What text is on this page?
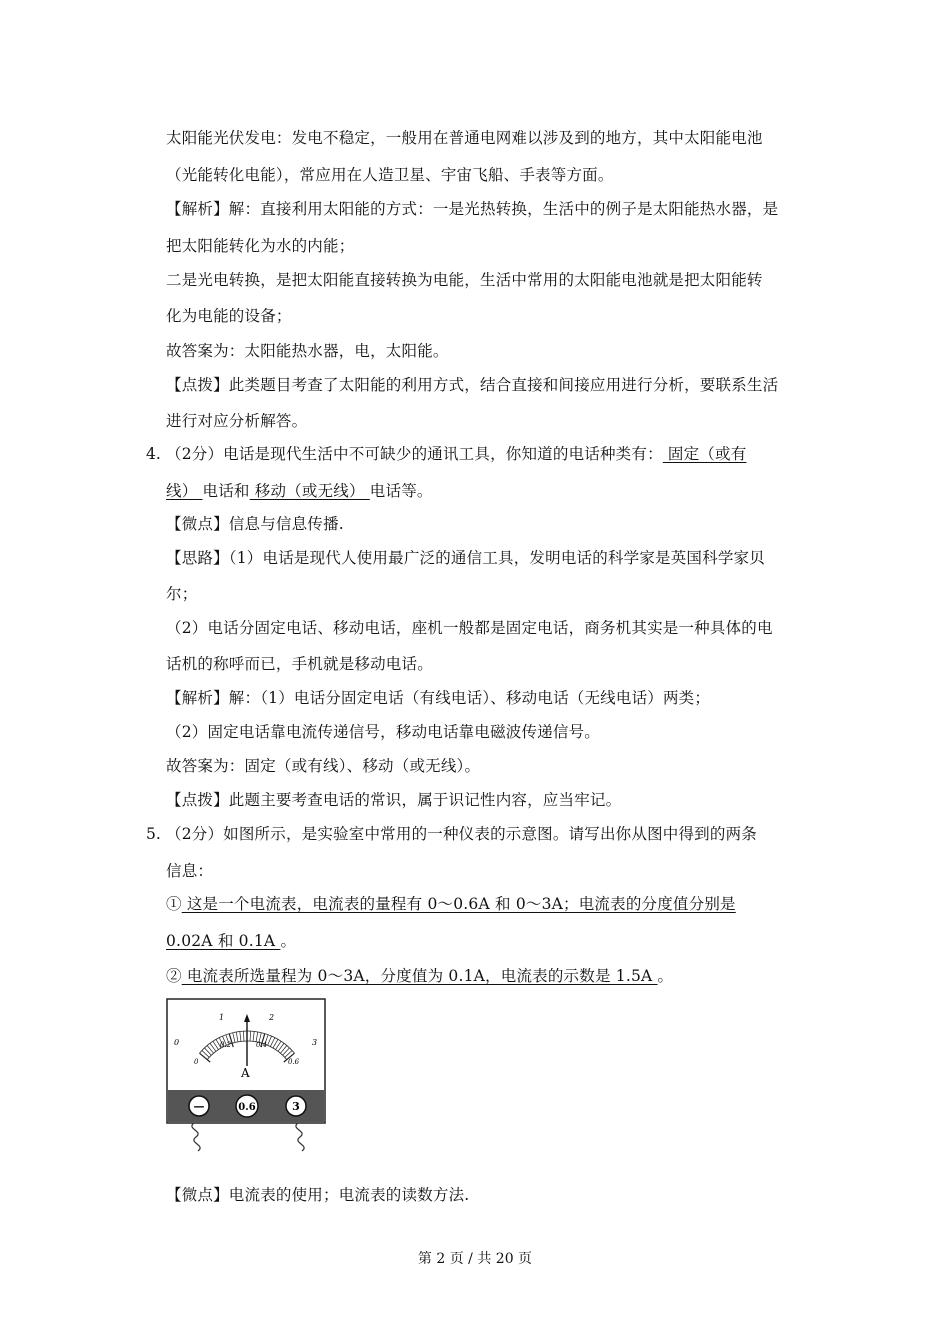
太阳能光伏发电：发电不稳定，一般用在普通电网难以涉及到的地方，其中太阳能电池
（光能转化电能），常应用在人造卫星、宇宙飞船、手表等方面。
【解析】解：直接利用太阳能的方式：一是光热转换，生活中的例子是太阳能热水器，是
把太阳能转化为水的内能；
二是光电转换，是把太阳能直接转换为电能，生活中常用的太阳能电池就是把太阳能转
化为电能的设备；
故答案为：太阳能热水器，电，太阳能。
【点拨】此类题目考查了太阳能的利用方式，结合直接和间接应用进行分析，要联系生活
进行对应分析解答。
4. （2分）电话是现代生活中不可缺少的通讯工具，你知道的电话种类有： 固定（或有
线） 电话和 移动（或无线） 电话等。
【微点】信息与信息传播.
【思路】（1）电话是现代人使用最广泛的通信工具，发明电话的科学家是英国科学家贝
尔；
（2）电话分固定电话、移动电话，座机一般都是固定电话，商务机其实是一种具体的电
话机的称呼而已，手机就是移动电话。
【解析】解：（1）电话分固定电话（有线电话）、移动电话（无线电话）两类；
（2）固定电话靠电流传递信号，移动电话靠电磁波传递信号。
故答案为：固定（或有线）、移动（或无线）。
【点拨】此题主要考查电话的常识，属于识记性内容，应当牢记。
5. （2分）如图所示，是实验室中常用的一种仪表的示意图。请写出你从图中得到的两条
信息：
① 这是一个电流表，电流表的量程有 0～0.6A 和 0～3A；电流表的分度值分别是
0.02A 和 0.1A 。
② 电流表所选量程为 0～3A，分度值为 0.1A，电流表的示数是 1.5A 。
0
1	2
3
0
0.2	0.4
0.6
A
—	0.6	3
【微点】电流表的使用；电流表的读数方法.
第 2 页 / 共 20 页
